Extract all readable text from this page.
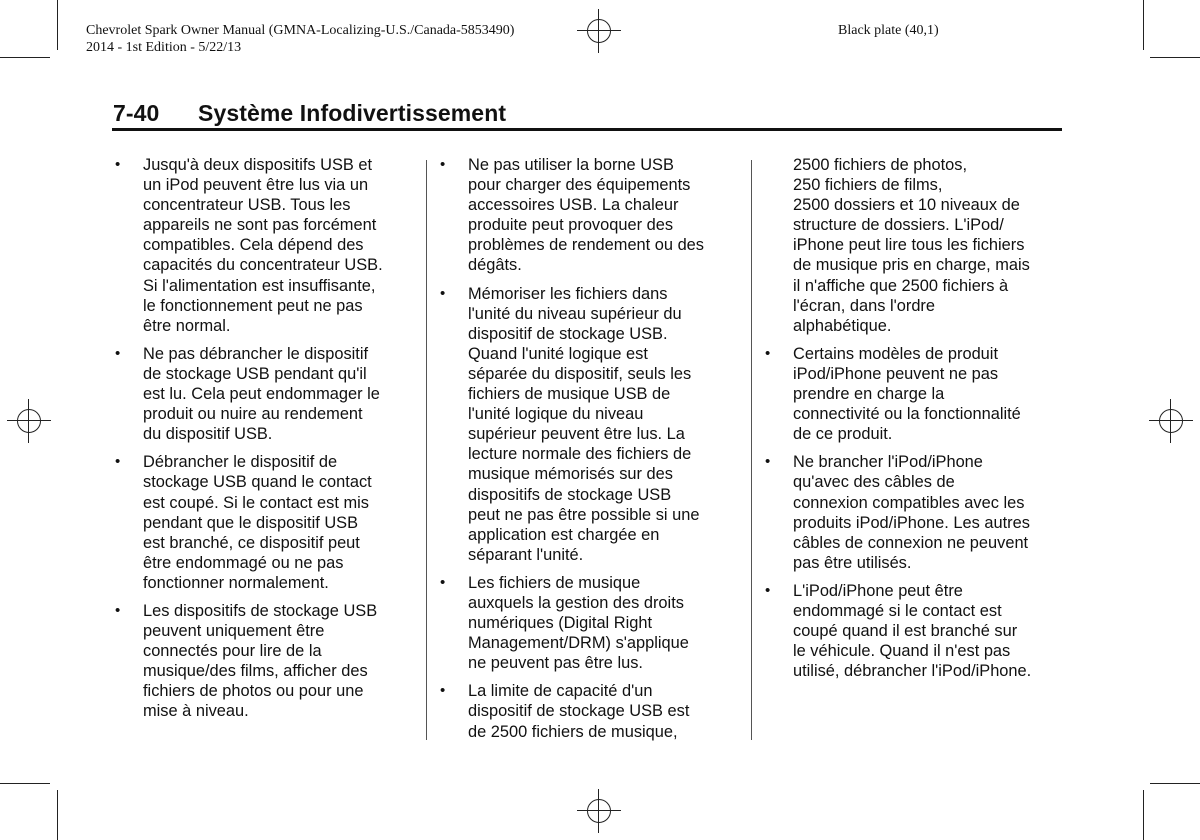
Chevrolet Spark Owner Manual (GMNA-Localizing-U.S./Canada-5853490)
2014 - 1st Edition - 5/22/13
Black plate (40,1)
7-40 Système Infodivertissement
• Jusqu'à deux dispositifs USB et
un iPod peuvent être lus via un
concentrateur USB. Tous les
appareils ne sont pas forcément
compatibles. Cela dépend des
capacités du concentrateur USB.
Si l'alimentation est insuffisante,
le fonctionnement peut ne pas
être normal.
• Ne pas débrancher le dispositif
de stockage USB pendant qu'il
est lu. Cela peut endommager le
produit ou nuire au rendement
du dispositif USB.
• Débrancher le dispositif de
stockage USB quand le contact
est coupé. Si le contact est mis
pendant que le dispositif USB
est branché, ce dispositif peut
être endommagé ou ne pas
fonctionner normalement.
• Les dispositifs de stockage USB
peuvent uniquement être
connectés pour lire de la
musique/des films, afficher des
fichiers de photos ou pour une
mise à niveau.
• Ne pas utiliser la borne USB
pour charger des équipements
accessoires USB. La chaleur
produite peut provoquer des
problèmes de rendement ou des
dégâts.
• Mémoriser les fichiers dans
l'unité du niveau supérieur du
dispositif de stockage USB.
Quand l'unité logique est
séparée du dispositif, seuls les
fichiers de musique USB de
l'unité logique du niveau
supérieur peuvent être lus. La
lecture normale des fichiers de
musique mémorisés sur des
dispositifs de stockage USB
peut ne pas être possible si une
application est chargée en
séparant l'unité.
• Les fichiers de musique
auxquels la gestion des droits
numériques (Digital Right
Management/DRM) s'applique
ne peuvent pas être lus.
• La limite de capacité d'un
dispositif de stockage USB est
de 2500 fichiers de musique,
2500 fichiers de photos,
250 fichiers de films,
2500 dossiers et 10 niveaux de
structure de dossiers. L'iPod/
iPhone peut lire tous les fichiers
de musique pris en charge, mais
il n'affiche que 2500 fichiers à
l'écran, dans l'ordre
alphabétique.
• Certains modèles de produit
iPod/iPhone peuvent ne pas
prendre en charge la
connectivité ou la fonctionnalité
de ce produit.
• Ne brancher l'iPod/iPhone
qu'avec des câbles de
connexion compatibles avec les
produits iPod/iPhone. Les autres
câbles de connexion ne peuvent
pas être utilisés.
• L'iPod/iPhone peut être
endommagé si le contact est
coupé quand il est branché sur
le véhicule. Quand il n'est pas
utilisé, débrancher l'iPod/iPhone.
